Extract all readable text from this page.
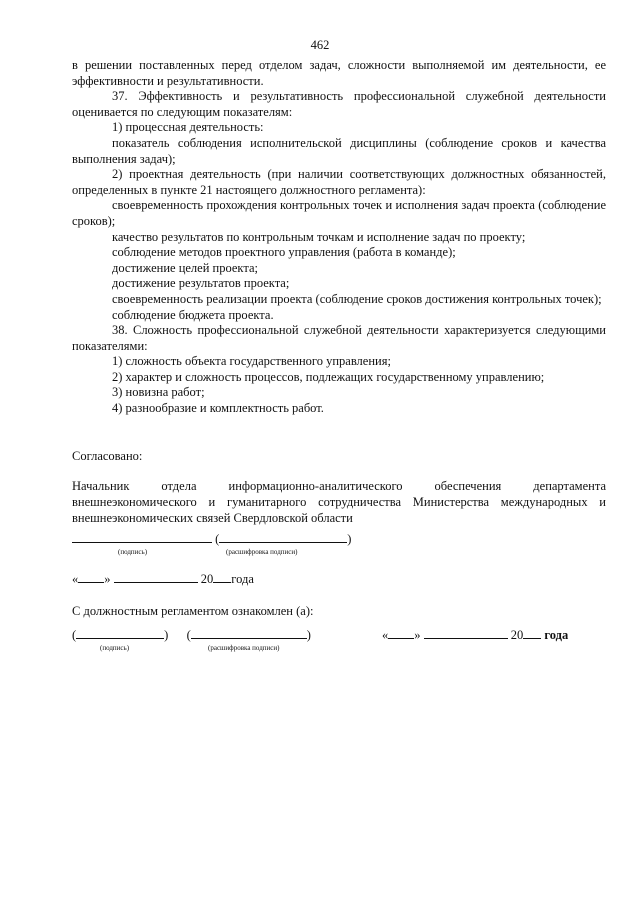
462

в решении поставленных перед отделом задач, сложности выполняемой им деятельности, ее эффективности и результативности.

37. Эффективность и результативность профессиональной служебной деятельности оценивается по следующим показателям:

1) процессная деятельность:

показатель соблюдения исполнительской дисциплины (соблюдение сроков и качества выполнения задач);

2) проектная деятельность (при наличии соответствующих должностных обязанностей, определенных в пункте 21 настоящего должностного регламента):

своевременность прохождения контрольных точек и исполнения задач проекта (соблюдение сроков);

качество результатов по контрольным точкам и исполнение задач по проекту;

соблюдение методов проектного управления (работа в команде);

достижение целей проекта;

достижение результатов проекта;

своевременность реализации проекта (соблюдение сроков достижения контрольных точек);

соблюдение бюджета проекта.

38. Сложность профессиональной служебной деятельности характеризуется следующими показателями:

1) сложность объекта государственного управления;

2) характер и сложность процессов, подлежащих государственному управлению;

3) новизна работ;

4) разнообразие и комплектность работ.

Согласовано:
Начальник отдела информационно-аналитического обеспечения департамента
внешнеэкономического и гуманитарного сотрудничества Министерства международных и внешнеэкономических связей Свердловской области
(	)
(подпись)	(расшифровка подписи)
« »	20 года
С должностным регламентом ознакомлен (а):
(	) (	)
(подпись)	(расшифровка подписи)
« »	20 года
